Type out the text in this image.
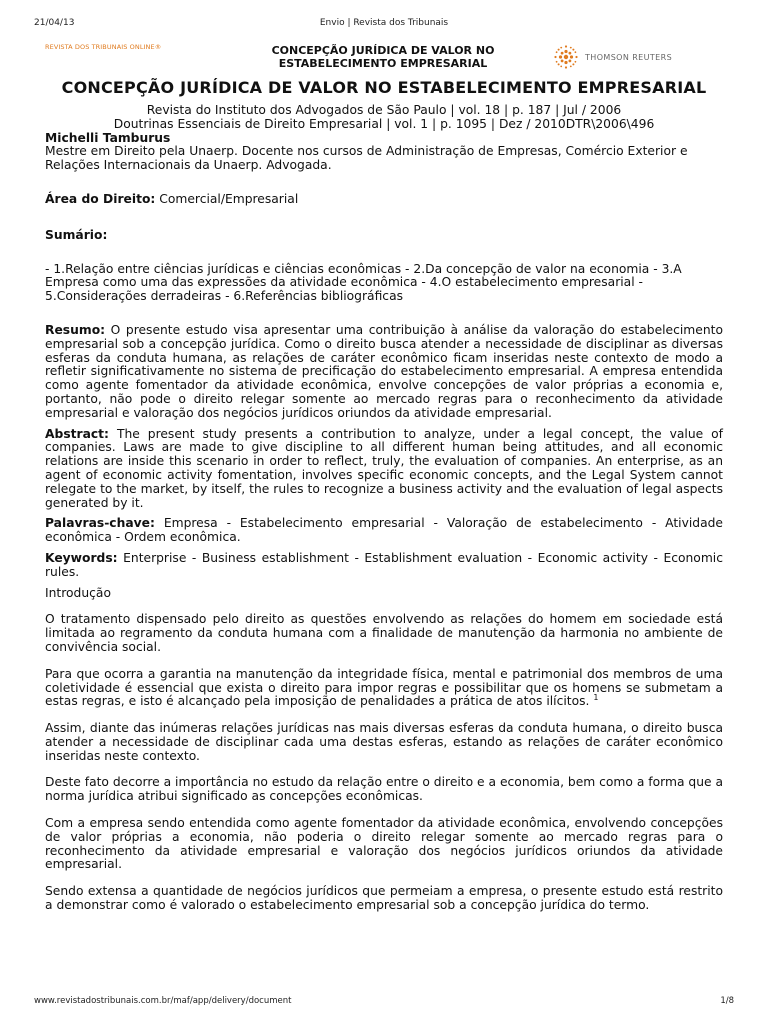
21/04/13	Envio | Revista dos Tribunais
REVISTA DOS TRIBUNAIS ONLINE®	CONCEPÇÃO JURÍDICA DE VALOR NO ESTABELECIMENTO EMPRESARIAL	THOMSON REUTERS
CONCEPÇÃO JURÍDICA DE VALOR NO ESTABELECIMENTO EMPRESARIAL

Revista do Instituto dos Advogados de São Paulo | vol. 18 | p. 187 | Jul / 2006

Doutrinas Essenciais de Direito Empresarial | vol. 1 | p. 1095 | Dez / 2010DTR\2006\496

Michelli Tamburus

Mestre em Direito pela Unaerp. Docente nos cursos de Administração de Empresas, Comércio Exterior e Relações Internacionais da Unaerp. Advogada.

Área do Direito: Comercial/Empresarial

Sumário:

- 1.Relação entre ciências jurídicas e ciências econômicas - 2.Da concepção de valor na economia - 3.A Empresa como uma das expressões da atividade econômica - 4.O estabelecimento empresarial - 5.Considerações derradeiras - 6.Referências bibliográficas

Resumo: O presente estudo visa apresentar uma contribuição à análise da valoração do estabelecimento empresarial sob a concepção jurídica. Como o direito busca atender a necessidade de disciplinar as diversas esferas da conduta humana, as relações de caráter econômico ficam inseridas neste contexto de modo a refletir significativamente no sistema de precificação do estabelecimento empresarial. A empresa entendida como agente fomentador da atividade econômica, envolve concepções de valor próprias a economia e, portanto, não pode o direito relegar somente ao mercado regras para o reconhecimento da atividade empresarial e valoração dos negócios jurídicos oriundos da atividade empresarial.

Abstract: The present study presents a contribution to analyze, under a legal concept, the value of companies. Laws are made to give discipline to all different human being attitudes, and all economic relations are inside this scenario in order to reflect, truly, the evaluation of companies. An enterprise, as an agent of economic activity fomentation, involves specific economic concepts, and the Legal System cannot relegate to the market, by itself, the rules to recognize a business activity and the evaluation of legal aspects generated by it.

Palavras-chave: Empresa - Estabelecimento empresarial - Valoração de estabelecimento - Atividade econômica - Ordem econômica.

Keywords: Enterprise - Business establishment - Establishment evaluation - Economic activity - Economic rules.

Introdução

O tratamento dispensado pelo direito as questões envolvendo as relações do homem em sociedade está limitada ao regramento da conduta humana com a finalidade de manutenção da harmonia no ambiente de convivência social.

Para que ocorra a garantia na manutenção da integridade física, mental e patrimonial dos membros de uma coletividade é essencial que exista o direito para impor regras e possibilitar que os homens se submetam a estas regras, e isto é alcançado pela imposição de penalidades a prática de atos ilícitos. $^1$

Assim, diante das inúmeras relações jurídicas nas mais diversas esferas da conduta humana, o direito busca atender a necessidade de disciplinar cada uma destas esferas, estando as relações de caráter econômico inseridas neste contexto.

Deste fato decorre a importância no estudo da relação entre o direito e a economia, bem como a forma que a norma jurídica atribui significado as concepções econômicas.

Com a empresa sendo entendida como agente fomentador da atividade econômica, envolvendo concepções de valor próprias a economia, não poderia o direito relegar somente ao mercado regras para o reconhecimento da atividade empresarial e valoração dos negócios jurídicos oriundos da atividade empresarial.

Sendo extensa a quantidade de negócios jurídicos que permeiam a empresa, o presente estudo está restrito a demonstrar como é valorado o estabelecimento empresarial sob a concepção jurídica do termo.

www.revistadostribunais.com.br/maf/app/delivery/document	1/8
